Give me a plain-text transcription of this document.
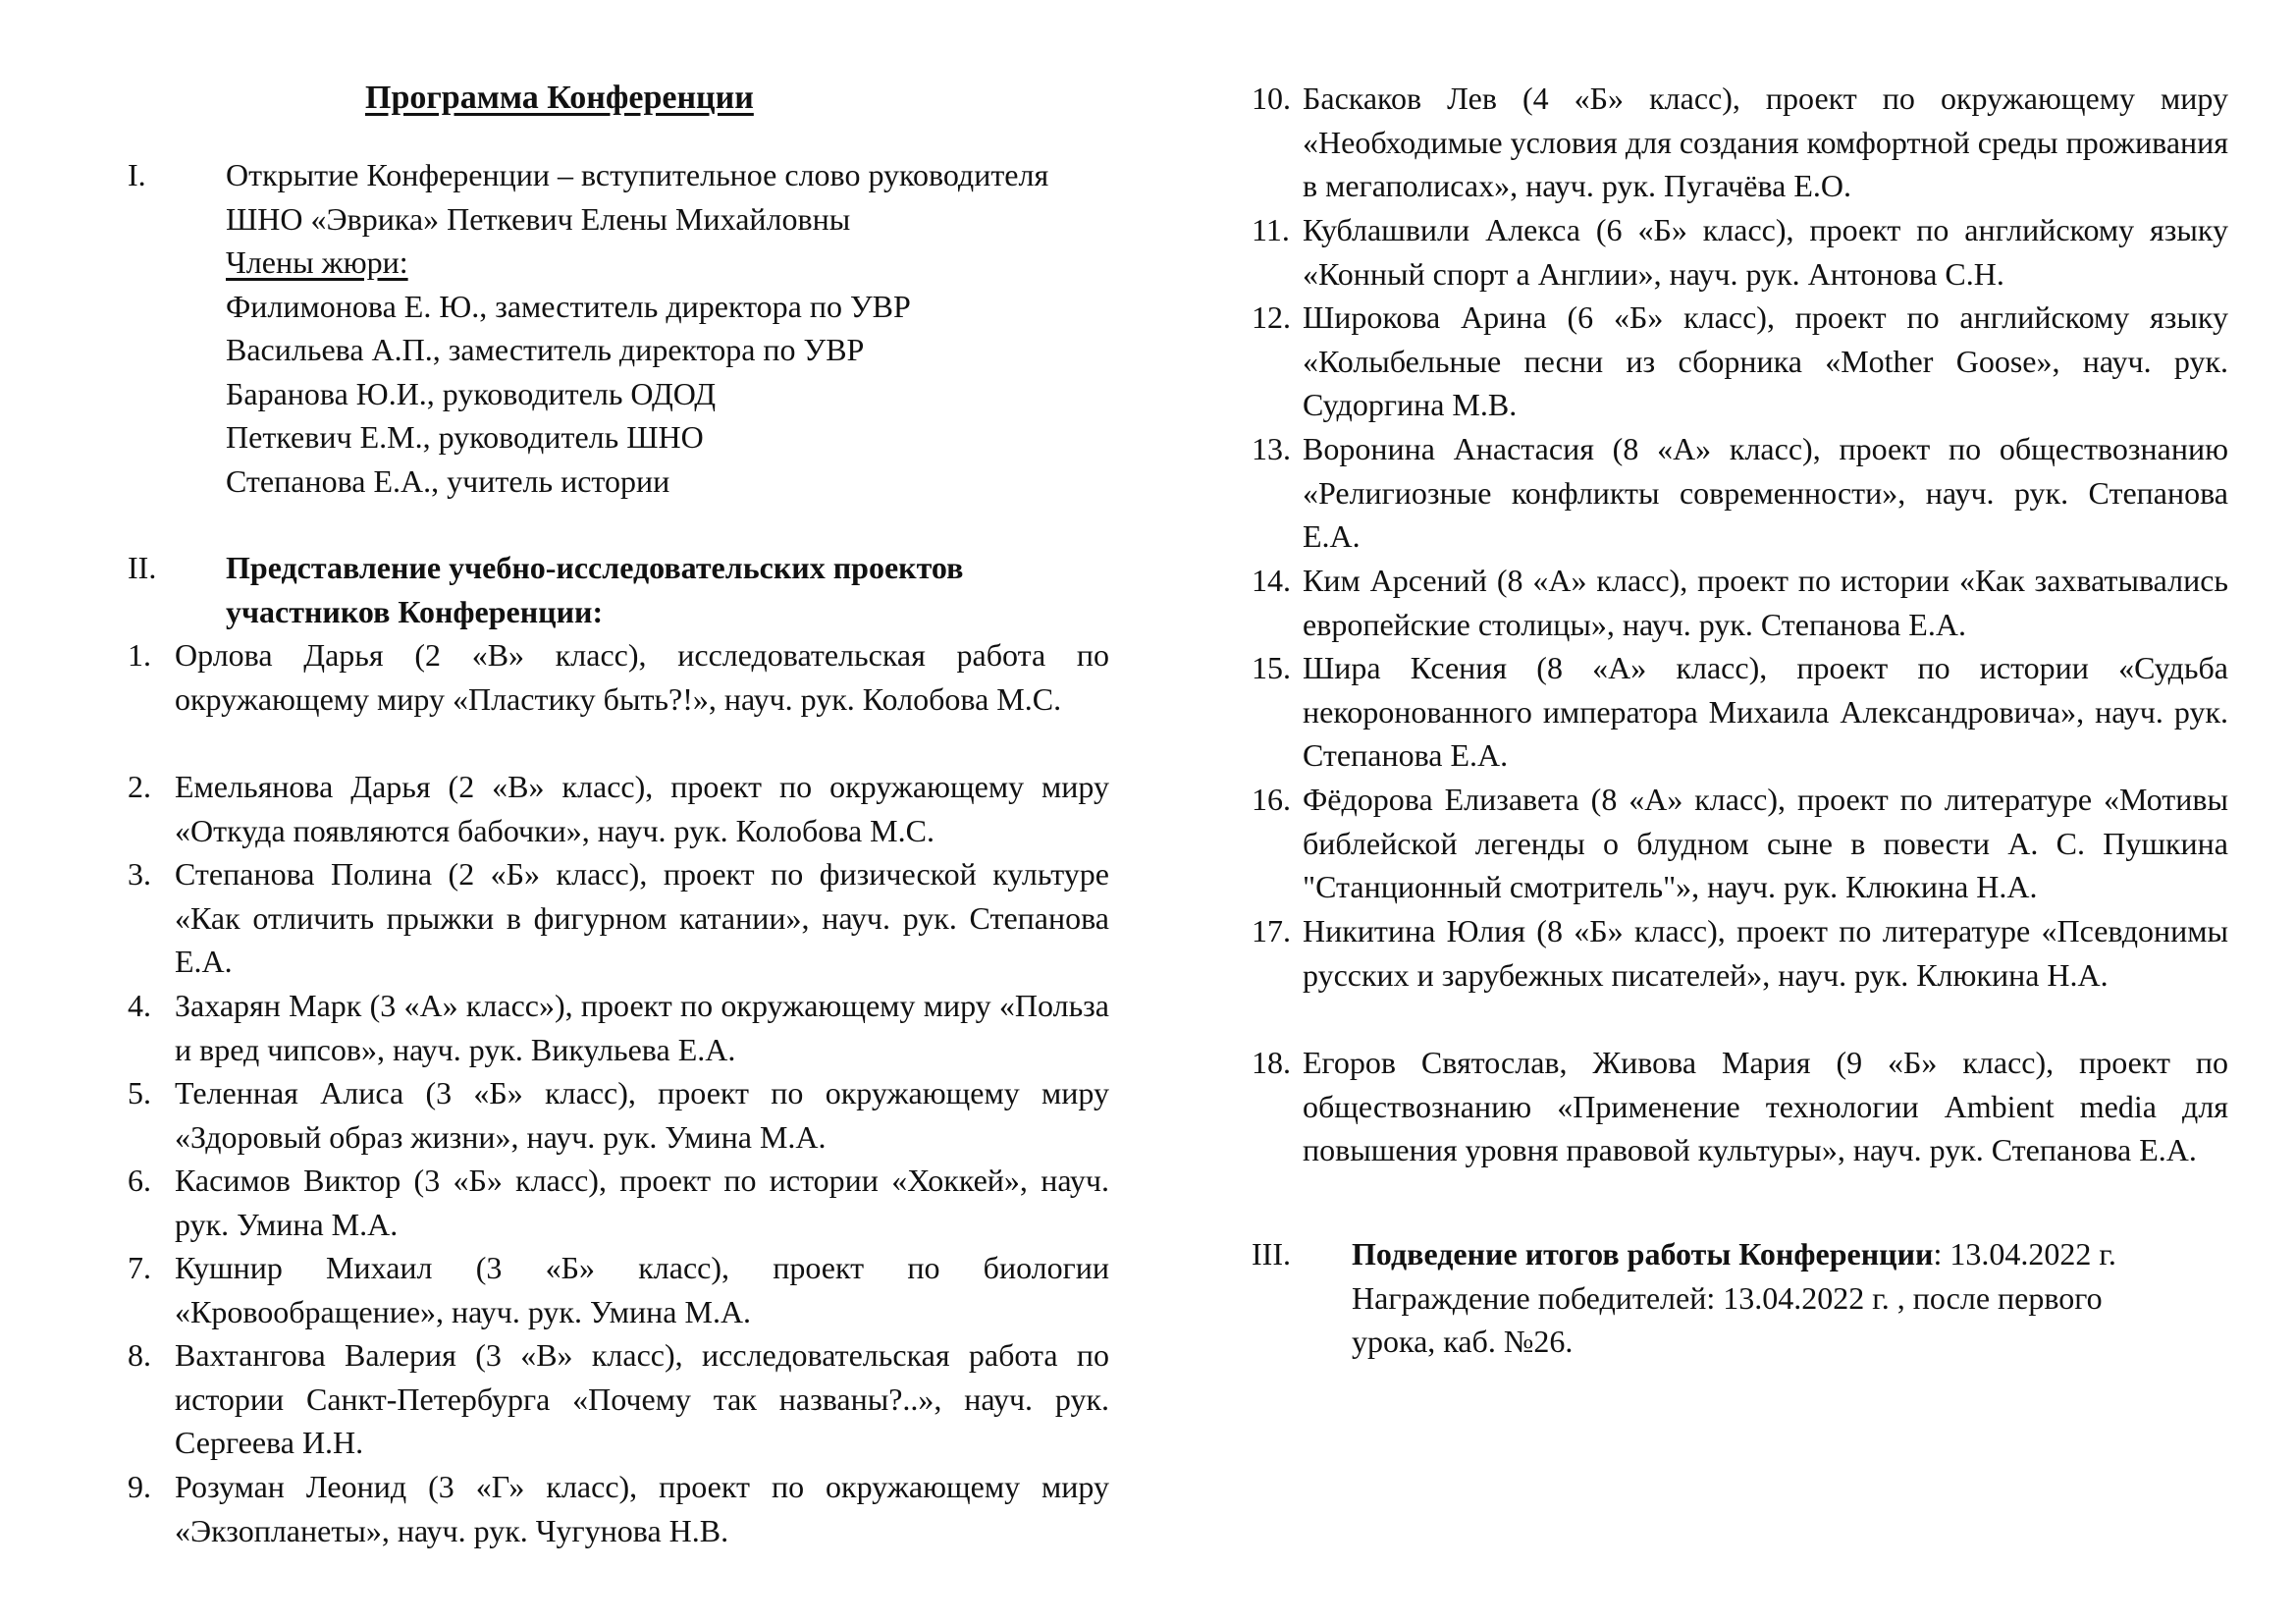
Программа Конференции
I.	Открытие Конференции – вступительное слово руководителя
ШНО «Эврика» Петкевич Елены Михайловны
Члены жюри:
Филимонова Е. Ю., заместитель директора по УВР
Васильева А.П., заместитель директора по УВР
Баранова Ю.И., руководитель ОДОД
Петкевич Е.М., руководитель ШНО
Степанова Е.А., учитель истории
II. Представление учебно-исследовательских проектов
участников Конференции:
1. Орлова Дарья (2 «В» класс), исследовательская работа по окружающему миру «Пластику быть?!», науч. рук. Колобова М.С.
2. Емельянова Дарья (2 «В» класс), проект по окружающему миру «Откуда появляются бабочки», науч. рук. Колобова М.С.
3. Степанова Полина (2 «Б» класс), проект по физической культуре «Как отличить прыжки в фигурном катании», науч. рук. Степанова Е.А.
4. Захарян Марк (3 «А» класс»), проект по окружающему миру «Польза и вред чипсов», науч. рук. Викульева Е.А.
5. Теленная Алиса (3 «Б» класс), проект по окружающему миру «Здоровый образ жизни», науч. рук. Умина М.А.
6. Касимов Виктор (3 «Б» класс), проект по истории «Хоккей», науч. рук. Умина М.А.
7. Кушнир Михаил (3 «Б» класс), проект по биологии «Кровообращение», науч. рук. Умина М.А.
8. Вахтангова Валерия (3 «В» класс), исследовательская работа по истории Санкт-Петербурга «Почему так названы?..», науч. рук. Сергеева И.Н.
9. Розуман Леонид (3 «Г» класс), проект по окружающему миру «Экзопланеты», науч. рук. Чугунова Н.В.
10. Баскаков Лев (4 «Б» класс), проект по окружающему миру «Необходимые условия для создания комфортной среды проживания в мегаполисах», науч. рук. Пугачёва Е.О.
11. Кублашвили Алекса (6 «Б» класс), проект по английскому языку «Конный спорт а Англии», науч. рук. Антонова С.Н.
12. Широкова Арина (6 «Б» класс), проект по английскому языку «Колыбельные песни из сборника «Mother Goose», науч. рук. Судоргина М.В.
13. Воронина Анастасия (8 «А» класс), проект по обществознанию «Религиозные конфликты современности», науч. рук. Степанова Е.А.
14. Ким Арсений (8 «А» класс), проект по истории «Как захватывались европейские столицы», науч. рук. Степанова Е.А.
15. Шира Ксения (8 «А» класс), проект по истории «Судьба некоронованного императора Михаила Александровича», науч. рук. Степанова Е.А.
16. Фёдорова Елизавета (8 «А» класс), проект по литературе «Мотивы библейской легенды о блудном сыне в повести А. С. Пушкина "Станционный смотритель"», науч. рук. Клюкина Н.А.
17. Никитина Юлия (8 «Б» класс), проект по литературе «Псевдонимы русских и зарубежных писателей», науч. рук. Клюкина Н.А.
18. Егоров Святослав, Живова Мария (9 «Б» класс), проект по обществознанию «Применение технологии Ambient media для повышения уровня правовой культуры», науч. рук. Степанова Е.А.
III. Подведение итогов работы Конференции: 13.04.2022 г.
Награждение победителей: 13.04.2022 г. , после первого
урока, каб. №26.
